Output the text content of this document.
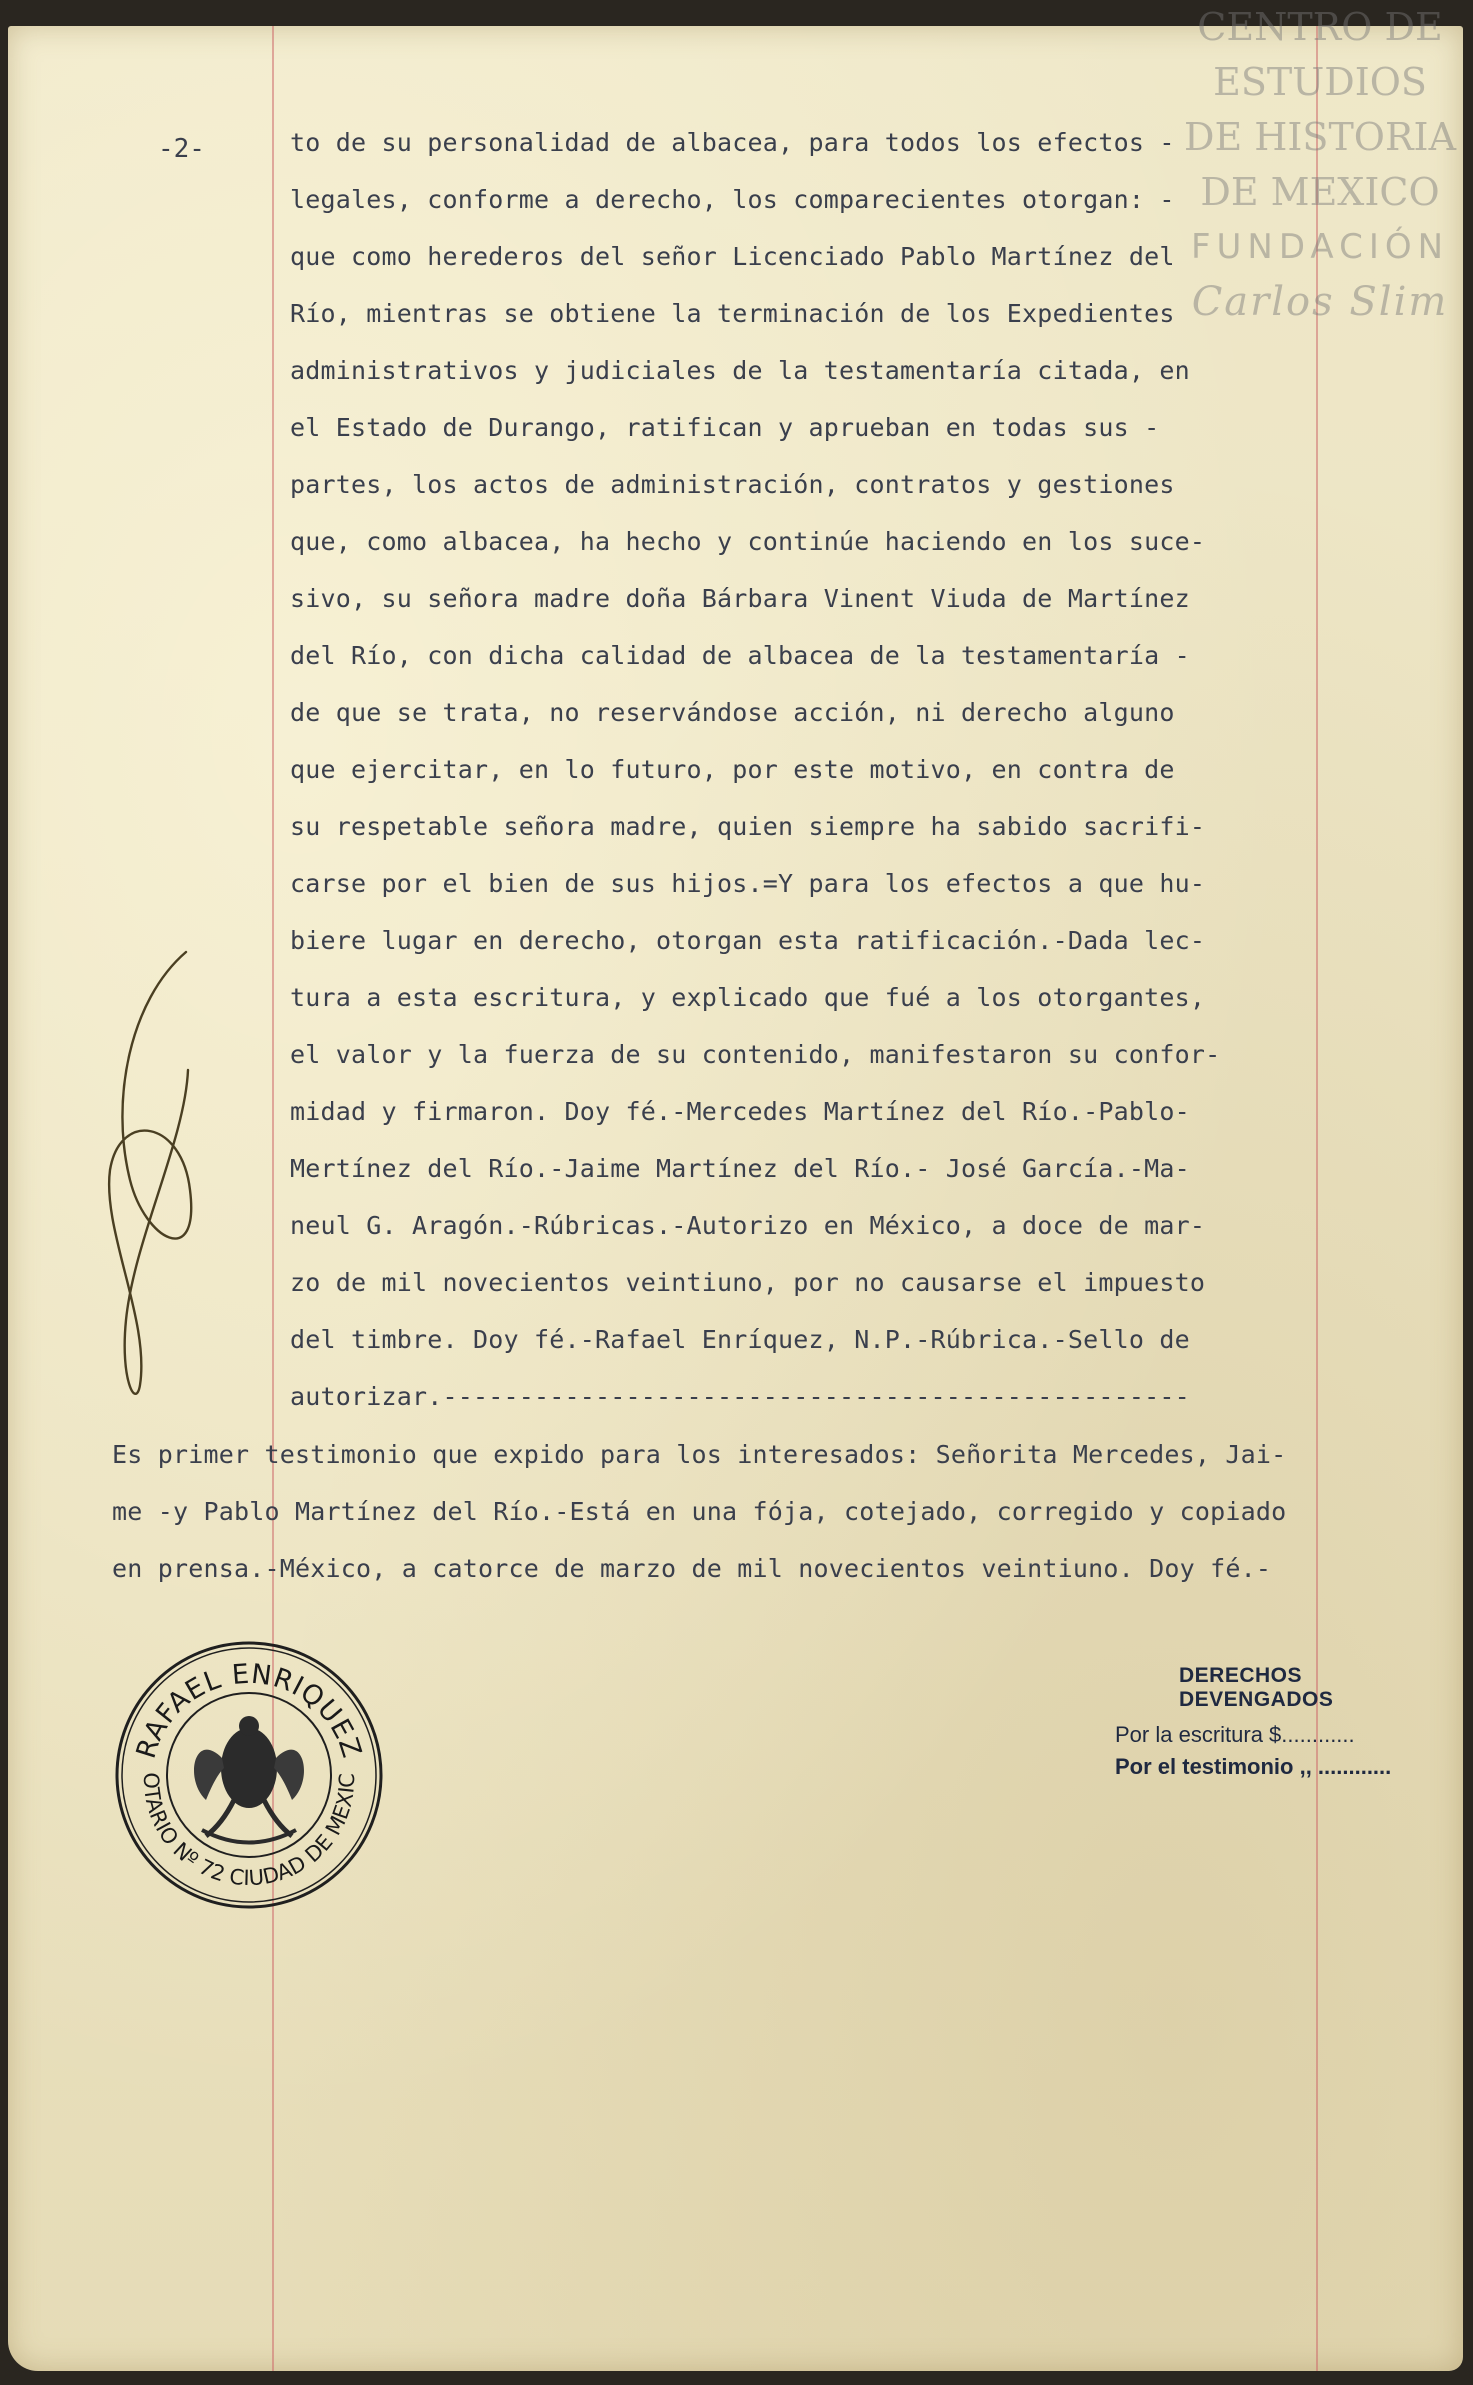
CENTRO DE
ESTUDIOS
DE HISTORIA
DE MEXICO
FUNDACIÓN
Carlos Slim
-2-	to de su personalidad de albacea, para todos los efectos -
legales, conforme a derecho, los comparecientes otorgan: -
que como herederos del señor Licenciado Pablo Martínez del
Río, mientras se obtiene la terminación de los Expedientes
administrativos y judiciales de la testamentaría citada, en
el Estado de Durango, ratifican y aprueban en todas sus -
partes, los actos de administración, contratos y gestiones
que, como albacea, ha hecho y continúe haciendo en los suce-
sivo, su señora madre doña Bárbara Vinent Viuda de Martínez
del Río, con dicha calidad de albacea de la testamentaría -
de que se trata, no reservándose acción, ni derecho alguno
que ejercitar, en lo futuro, por este motivo, en contra de
su respetable señora madre, quien siempre ha sabido sacrifi-
carse por el bien de sus hijos.=Y para los efectos a que hu-
biere lugar en derecho, otorgan esta ratificación.-Dada lec-
tura a esta escritura, y explicado que fué a los otorgantes,
el valor y la fuerza de su contenido, manifestaron su confor-
midad y firmaron. Doy fé.-Mercedes Martínez del Río.-Pablo-
Mertínez del Río.-Jaime Martínez del Río.- José García.-Ma-
neul G. Aragón.-Rúbricas.-Autorizo en México, a doce de mar-
zo de mil novecientos veintiuno, por no causarse el impuesto
del timbre. Doy fé.-Rafael Enríquez, N.P.-Rúbrica.-Sello de
autorizar.-------------------------------------------------
Es primer testimonio que expido para los interesados: Señorita Mercedes, Jai-
me -y Pablo Martínez del Río.-Está en una fója, cotejado, corregido y copiado
en prensa.-México, a catorce de marzo de mil novecientos veintiuno. Doy fé.-
RAFAEL ENRIQUEZ
OTARIO Nº 72 CIUDAD DE MEXIC
DERECHOS DEVENGADOS
Por la escritura $............
Por el testimonio ,, ............
